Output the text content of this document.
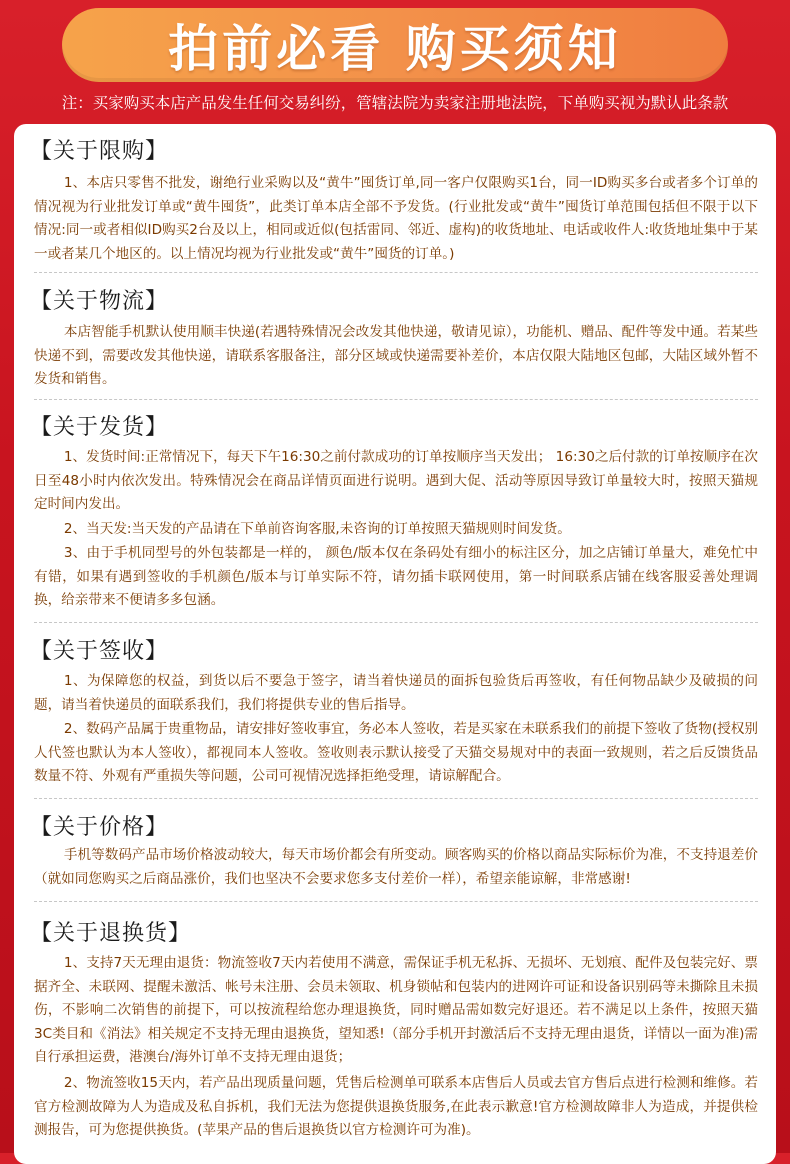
拍前必看 购买须知
注：买家购买本店产品发生任何交易纠纷，管辖法院为卖家注册地法院，下单购买视为默认此条款
【关于限购】

1、本店只零售不批发，谢绝行业采购以及“黄牛”囤货订单,同一客户仅限购买1台，同一ID购买多台或者多个订单的情况视为行业批发订单或“黄牛囤货”，此类订单本店全部不予发货。(行业批发或“黄牛”囤货订单范围包括但不限于以下情况:同一或者相似ID购买2台及以上，相同或近似(包括雷同、邻近、虚构)的收货地址、电话或收件人:收货地址集中于某一或者某几个地区的。以上情况均视为行业批发或“黄牛”囤货的订单。)

【关于物流】

本店智能手机默认使用顺丰快递(若遇特殊情况会改发其他快递，敬请见谅），功能机、赠品、配件等发中通。若某些快递不到，需要改发其他快递，请联系客服备注，部分区域或快递需要补差价，本店仅限大陆地区包邮，大陆区域外暂不发货和销售。

【关于发货】

1、发货时间:正常情况下，每天下午16:30之前付款成功的订单按顺序当天发出； 16:30之后付款的订单按顺序在次日至48小时内依次发出。特殊情况会在商品详情页面进行说明。遇到大促、活动等原因导致订单量较大时，按照天猫规定时间内发出。

2、当天发:当天发的产品请在下单前咨询客服,未咨询的订单按照天猫规则时间发货。

3、由于手机同型号的外包装都是一样的， 颜色/版本仅在条码处有细小的标注区分，加之店铺订单量大，难免忙中有错，如果有遇到签收的手机颜色/版本与订单实际不符，请勿插卡联网使用，第一时间联系店铺在线客服妥善处理调换，给亲带来不便请多多包涵。

【关于签收】

1、为保障您的权益，到货以后不要急于签字，请当着快递员的面拆包验货后再签收，有任何物品缺少及破损的问题，请当着快递员的面联系我们，我们将提供专业的售后指导。

2、数码产品属于贵重物品，请安排好签收事宜，务必本人签收，若是买家在未联系我们的前提下签收了货物(授权别人代签也默认为本人签收），都视同本人签收。签收则表示默认接受了天猫交易规对中的表面一致规则，若之后反馈货品数量不符、外观有严重损失等问题，公司可视情况选择拒绝受理，请谅解配合。

【关于价格】

手机等数码产品市场价格波动较大，每天市场价都会有所变动。顾客购买的价格以商品实际标价为准，不支持退差价（就如同您购买之后商品涨价，我们也坚决不会要求您多支付差价一样），希望亲能谅解，非常感谢!

【关于退换货】

1、支持7天无理由退货：物流签收7天内若使用不满意，需保证手机无私拆、无损坏、无划痕、配件及包装完好、票据齐全、未联网、提醒未激活、帐号未注册、会员未领取、机身锁帖和包装内的进网许可证和设备识别码等未撕除且未损伤，不影响二次销售的前提下，可以按流程给您办理退换货，同时赠品需如数完好退还。若不满足以上条件，按照天猫3C类目和《消法》相关规定不支持无理由退换货，望知悉!（部分手机开封激活后不支持无理由退货，详情以一面为准)需自行承担运费，港澳台/海外订单不支持无理由退货；

2、物流签收15天内，若产品出现质量问题，凭售后检测单可联系本店售后人员或去官方售后点进行检测和维修。若官方检测故障为人为造成及私自拆机，我们无法为您提供退换货服务,在此表示歉意!官方检测故障非人为造成，并提供检测报告，可为您提供换货。(苹果产品的售后退换货以官方检测许可为准)。
